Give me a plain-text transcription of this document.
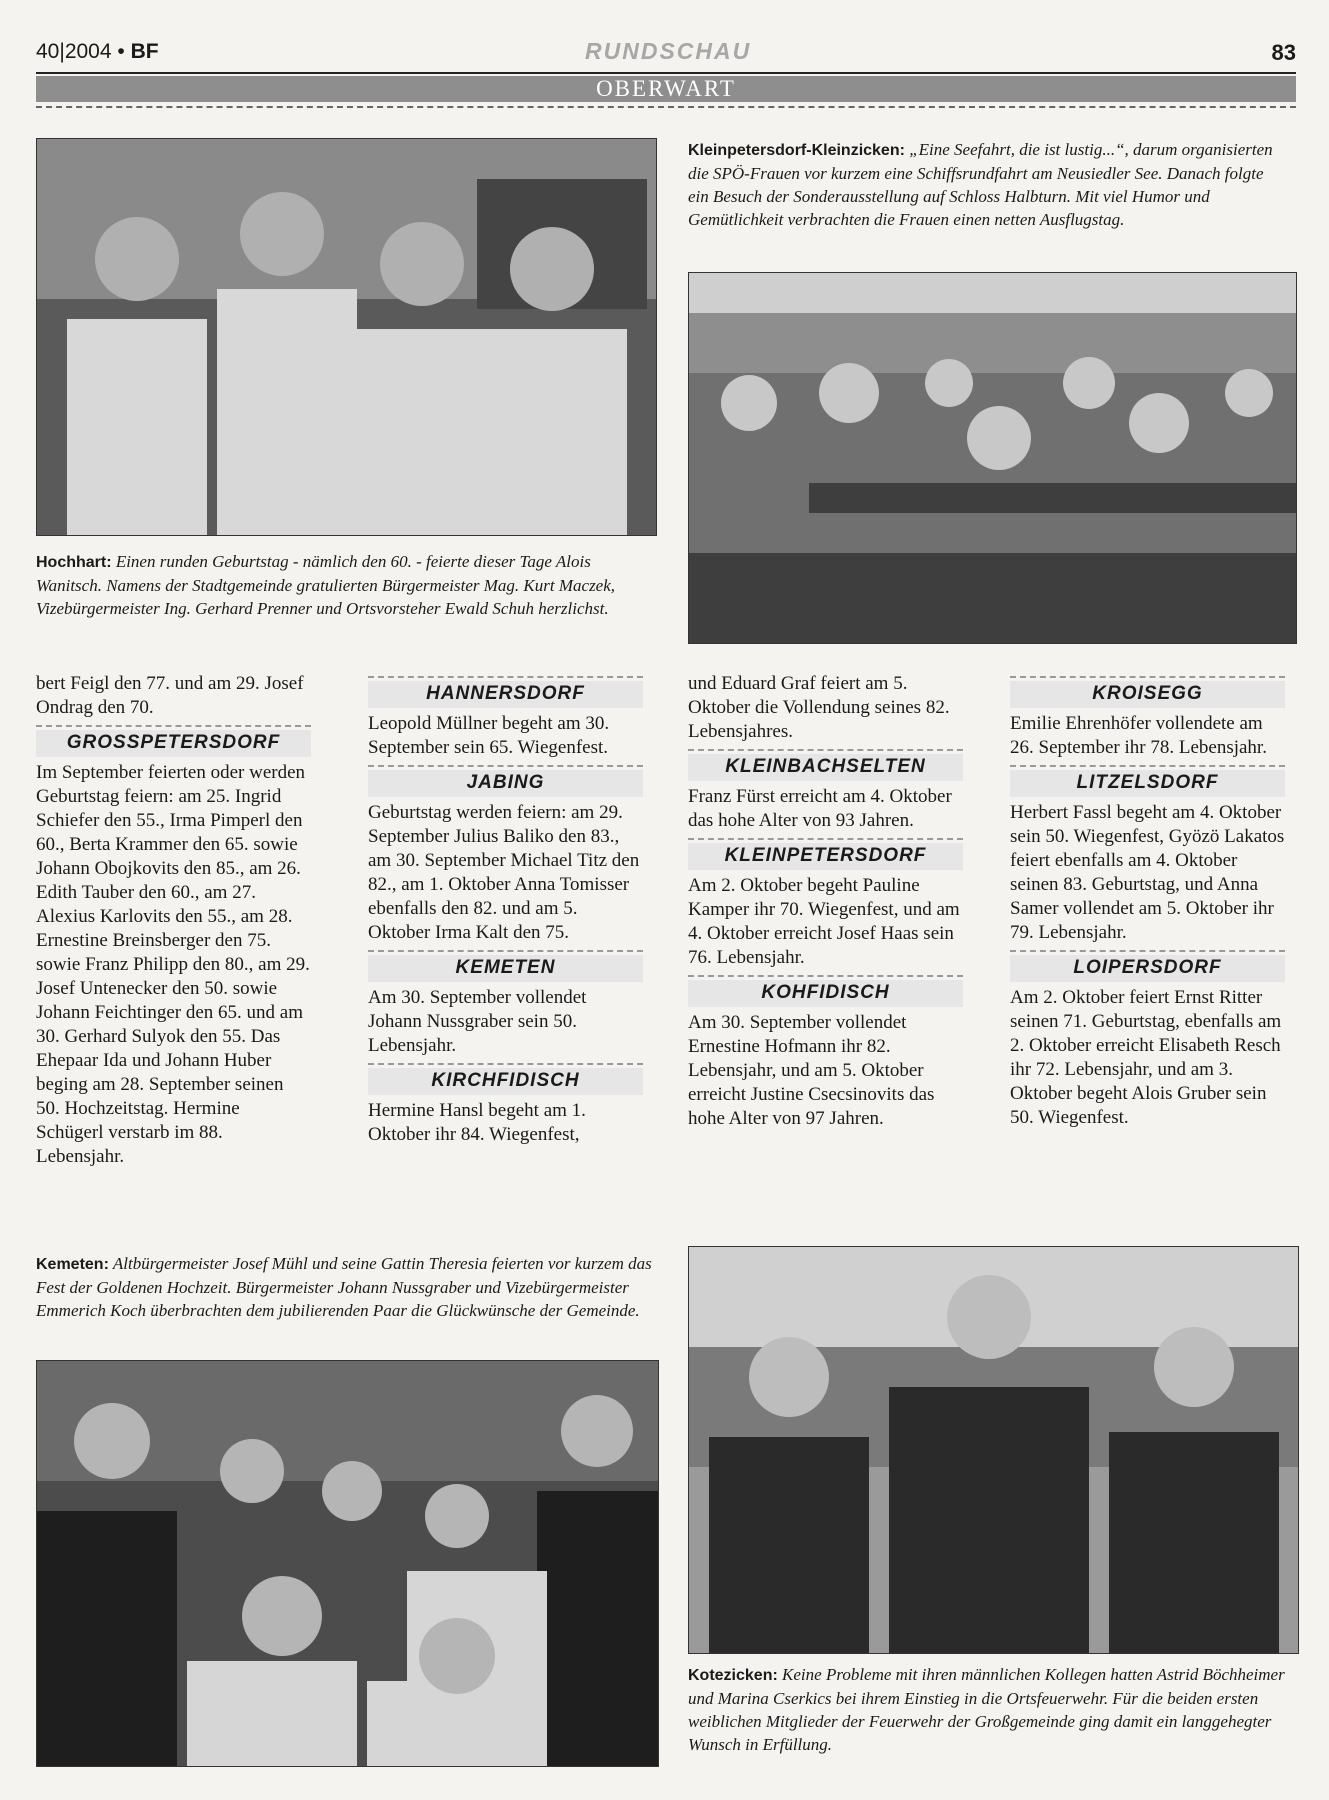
40|2004 • BF	RUNDSCHAU	83
OBERWART
Hochhart: Einen runden Geburtstag - nämlich den 60. - feierte dieser Tage Alois Wanitsch. Namens der Stadtgemeinde gratulierten Bürgermeister Mag. Kurt Maczek, Vizebürgermeister Ing. Gerhard Prenner und Ortsvorsteher Ewald Schuh herzlichst.
Kleinpetersdorf-Kleinzicken: „Eine Seefahrt, die ist lustig...“, darum organisierten die SPÖ-Frauen vor kurzem eine Schiffsrundfahrt am Neusiedler See. Danach folgte ein Besuch der Sonderausstellung auf Schloss Halbturn. Mit viel Humor und Gemütlichkeit verbrachten die Frauen einen netten Ausflugstag.

bert Feigl den 77. und am 29. Josef Ondrag den 70.

GROSSPETERSDORF

Im September feierten oder werden Geburtstag feiern: am 25. Ingrid Schiefer den 55., Irma Pimperl den 60., Berta Krammer den 65. sowie Johann Obojkovits den 85., am 26. Edith Tauber den 60., am 27. Alexius Karlovits den 55., am 28. Ernestine Breinsberger den 75. sowie Franz Philipp den 80., am 29. Josef Untenecker den 50. sowie Johann Feichtinger den 65. und am 30. Gerhard Sulyok den 55. Das Ehepaar Ida und Johann Huber beging am 28. September seinen 50. Hochzeitstag. Hermine Schügerl verstarb im 88. Lebensjahr.

HANNERSDORF

Leopold Müllner begeht am 30. September sein 65. Wiegenfest.

JABING

Geburtstag werden feiern: am 29. September Julius Baliko den 83., am 30. September Michael Titz den 82., am 1. Oktober Anna Tomisser ebenfalls den 82. und am 5. Oktober Irma Kalt den 75.

KEMETEN

Am 30. September vollendet Johann Nussgraber sein 50. Lebensjahr.

KIRCHFIDISCH

Hermine Hansl begeht am 1. Oktober ihr 84. Wiegenfest,

und Eduard Graf feiert am 5. Oktober die Vollendung seines 82. Lebensjahres.

KLEINBACHSELTEN

Franz Fürst erreicht am 4. Oktober das hohe Alter von 93 Jahren.

KLEINPETERSDORF

Am 2. Oktober begeht Pauline Kamper ihr 70. Wiegenfest, und am 4. Oktober erreicht Josef Haas sein 76. Lebensjahr.

KOHFIDISCH

Am 30. September vollendet Ernestine Hofmann ihr 82. Lebensjahr, und am 5. Oktober erreicht Justine Csecsinovits das hohe Alter von 97 Jahren.

KROISEGG

Emilie Ehrenhöfer vollendete am 26. September ihr 78. Lebensjahr.

LITZELSDORF

Herbert Fassl begeht am 4. Oktober sein 50. Wiegenfest, Gyözö Lakatos feiert ebenfalls am 4. Oktober seinen 83. Geburtstag, und Anna Samer vollendet am 5. Oktober ihr 79. Lebensjahr.

LOIPERSDORF

Am 2. Oktober feiert Ernst Ritter seinen 71. Geburtstag, ebenfalls am 2. Oktober erreicht Elisabeth Resch ihr 72. Lebensjahr, und am 3. Oktober begeht Alois Gruber sein 50. Wiegenfest.

Kemeten: Altbürgermeister Josef Mühl und seine Gattin Theresia feierten vor kurzem das Fest der Goldenen Hochzeit. Bürgermeister Johann Nussgraber und Vizebürgermeister Emmerich Koch überbrachten dem jubilierenden Paar die Glückwünsche der Gemeinde.
Kotezicken: Keine Probleme mit ihren männlichen Kollegen hatten Astrid Böchheimer und Marina Cserkics bei ihrem Einstieg in die Ortsfeuerwehr. Für die beiden ersten weiblichen Mitglieder der Feuerwehr der Großgemeinde ging damit ein langgehegter Wunsch in Erfüllung.
